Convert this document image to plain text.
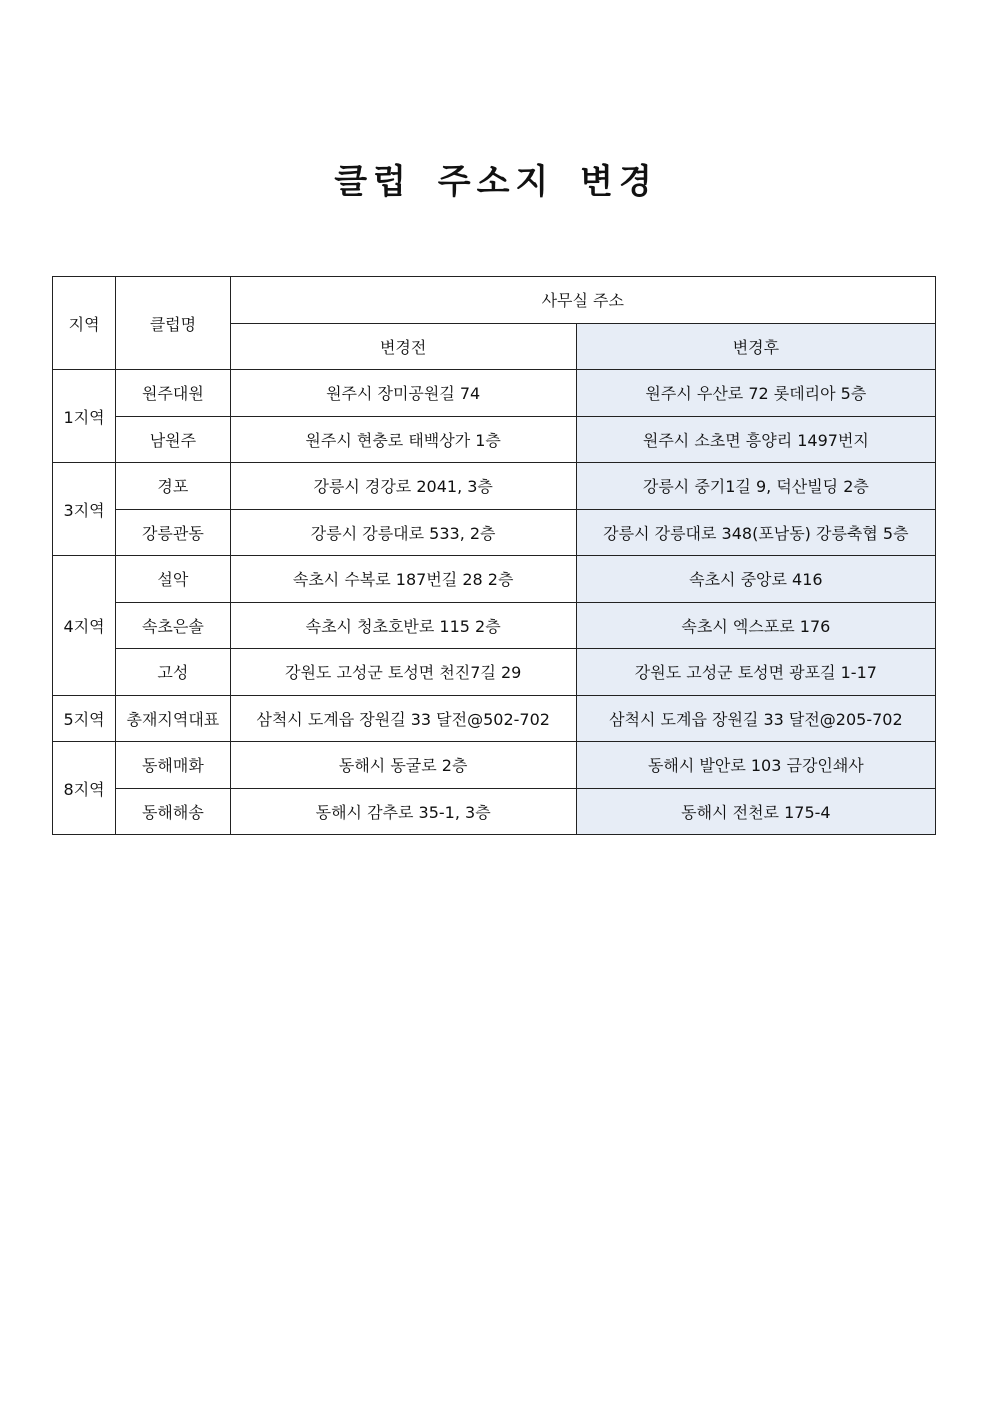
클럽 주소지 변경
지역	클럽명	사무실 주소	
		변경전	변경후
1지역	원주대원	원주시 장미공원길 74	원주시 우산로 72 롯데리아 5층
	남원주	원주시 현충로 태백상가 1층	원주시 소초면 흥양리 1497번지
3지역	경포	강릉시 경강로 2041, 3층	강릉시 중기1길 9, 덕산빌딩 2층
	강릉관동	강릉시 강릉대로 533, 2층	강릉시 강릉대로 348(포남동) 강릉축협 5층
4지역	설악	속초시 수복로 187번길 28 2층	속초시 중앙로 416
	속초은솔	속초시 청초호반로 115 2층	속초시 엑스포로 176
	고성	강원도 고성군 토성면 천진7길 29	강원도 고성군 토성면 광포길 1-17
5지역	총재지역대표	삼척시 도계읍 장원길 33 달전@502-702	삼척시 도계읍 장원길 33 달전@205-702
8지역	동해매화	동해시 동굴로 2층	동해시 발안로 103 금강인쇄사
	동해해송	동해시 감추로 35-1, 3층	동해시 전천로 175-4
